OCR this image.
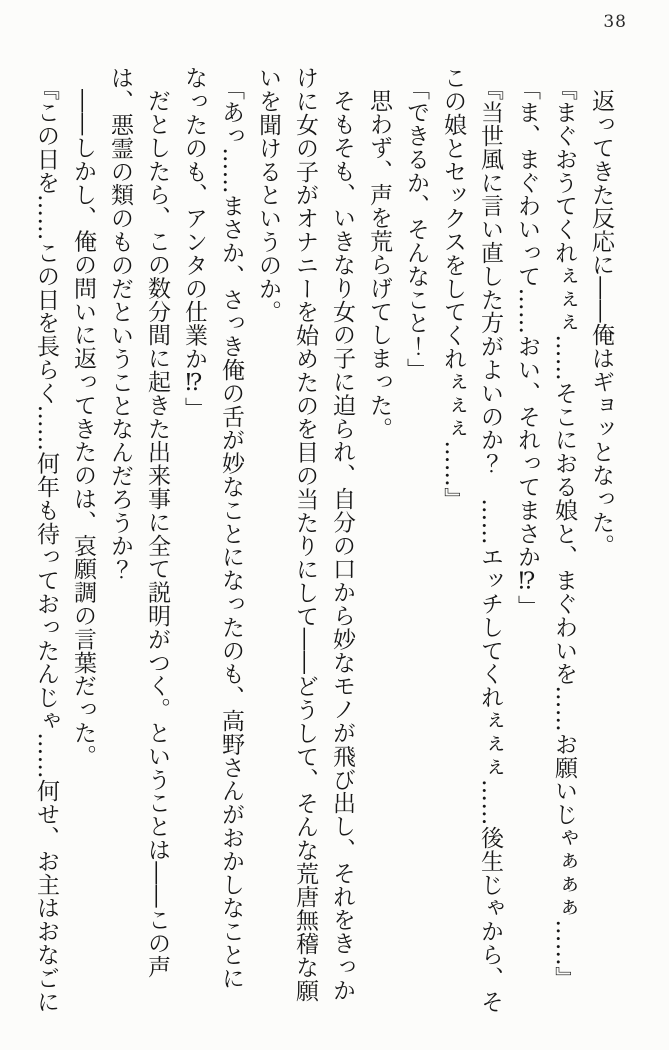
38

返ってきた反応に――俺はギョッとなった。

『まぐおうてくれぇぇぇ……そこにおる娘と、まぐわいを……お願いじゃぁぁぁ……』

「ま、まぐわいって……おい、それってまさか⁉」

『当世風に言い直した方がよいのか？　……エッチしてくれぇぇぇ……後生じゃから、そ

この娘とセックスをしてくれぇぇぇ……』

「できるか、そんなこと！」

思わず、声を荒らげてしまった。

そもそも、いきなり女の子に迫られ、自分の口から妙なモノが飛び出し、それをきっか

けに女の子がオナニーを始めたのを目の当たりにして――どうして、そんな荒唐無稽な願

いを聞けるというのか。

「あっ……まさか、さっき俺の舌が妙なことになったのも、高野さんがおかしなことに

なったのも、アンタの仕業か⁉」

だとしたら、この数分間に起きた出来事に全て説明がつく。ということは――この声

は、悪霊の類のものだということなんだろうか？

――しかし、俺の問いに返ってきたのは、哀願調の言葉だった。

『この日を……この日を長らく……何年も待っておったんじゃ……何せ、お主はおなごに
